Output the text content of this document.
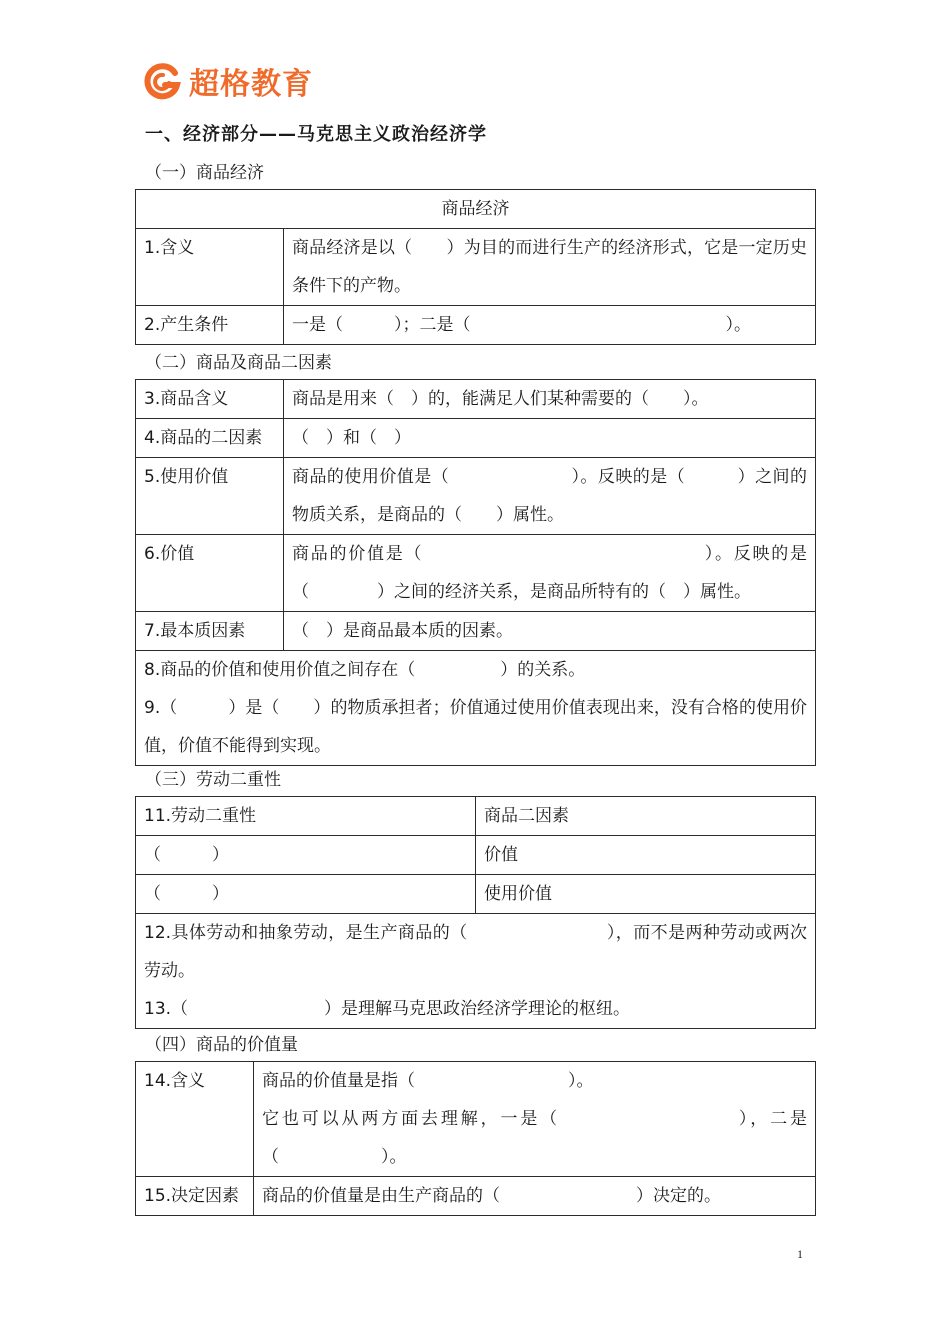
超格教育
一、经济部分——马克思主义政治经济学
（一）商品经济
商品经济	
1.含义	商品经济是以（　　）为目的而进行生产的经济形式，它是一定历史条件下的产物。
2.产生条件	一是（　　　）；二是（　　　　　　　　　　　　　　　）。
（二）商品及商品二因素
3.商品含义	商品是用来（　）的，能满足人们某种需要的（　　）。
4.商品的二因素	（　）和（　）
5.使用价值	商品的使用价值是（　　　　　　　）。反映的是（　　　）之间的物质关系，是商品的（　　）属性。
6.价值	商品的价值是（　　　　　　　　　　　　　　　）。反映的是（　　　　）之间的经济关系，是商品所特有的（　）属性。
7.最本质因素	（　）是商品最本质的因素。

8.商品的价值和使用价值之间存在（　　　　　）的关系。
9.（　　　）是（　　）的物质承担者；价值通过使用价值表现出来，没有合格的使用价值，价值不能得到实现。	
（三）劳动二重性
11.劳动二重性	商品二因素
（　　　）	价值
（　　　）	使用价值

12.具体劳动和抽象劳动，是生产商品的（　　　　　　　　），而不是两种劳动或两次劳动。
13.（　　　　　　　　）是理解马克思政治经济学理论的枢纽。	
（四）商品的价值量
14.含义	商品的价值量是指（　　　　　　　　　）。
它也可以从两方面去理解，一是（　　　　　　　　　），二是（　　　　　　）。

15.决定因素	商品的价值量是由生产商品的（　　　　　　　　）决定的。
1
